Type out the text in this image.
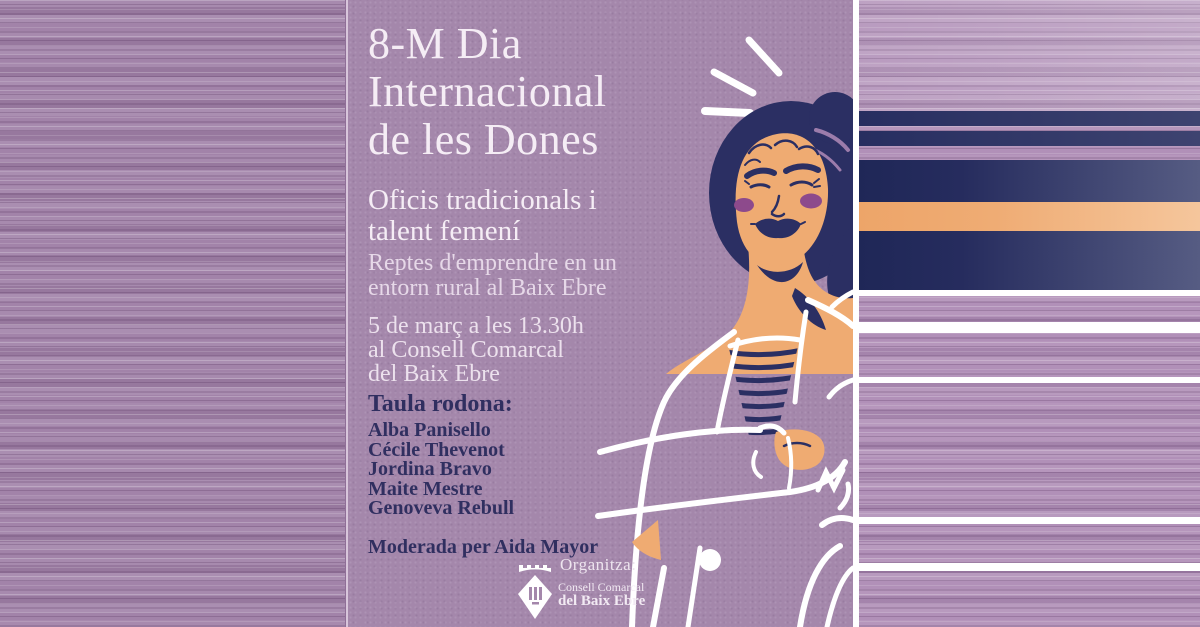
8-M Dia
Internacional
de les Dones
Oficis tradicionals i
talent femení
Reptes d'emprendre en un
entorn rural al Baix Ebre
5 de març a les 13.30h
al Consell Comarcal
del Baix Ebre
Taula rodona:
Alba Panisello
Cécile Thevenot
Jordina Bravo
Maite Mestre
Genoveva Rebull
Moderada per Aida Mayor
Organitza:
Consell Comarcal
del Baix Ebre
